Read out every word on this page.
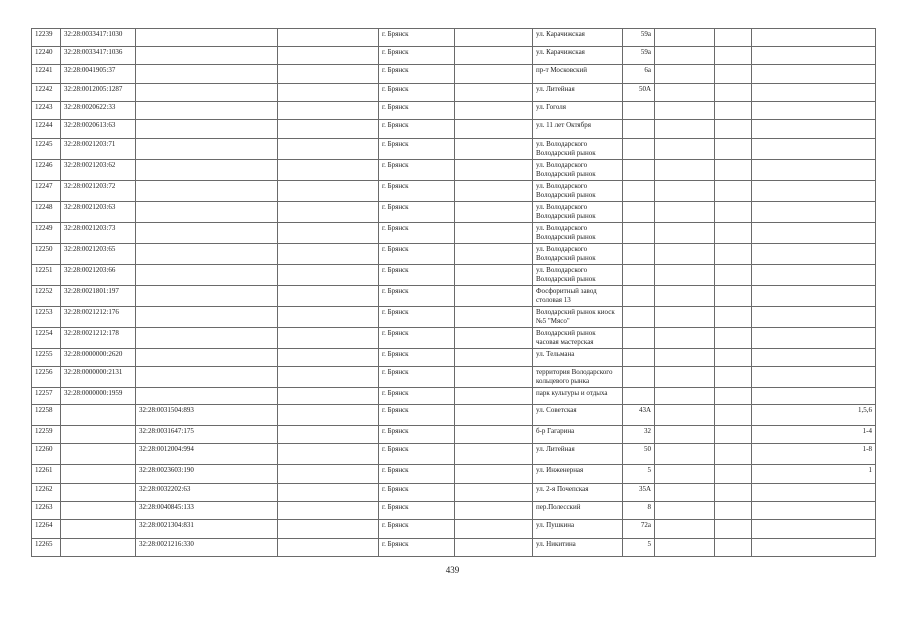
12239	32:28:0033417:1030			г. Брянск		ул. Карачижская	59а			
12240	32:28:0033417:1036			г. Брянск		ул. Карачижская	59а			
12241	32:28:0041905:37			г. Брянск		пр-т Московский	6а			
12242	32:28:0012005:1287			г. Брянск		ул. Литейная	50А			
12243	32:28:0020622:33			г. Брянск		ул. Гоголя				
12244	32:28:0020613:63			г. Брянск		ул. 11 лет Октября				
12245	32:28:0021203:71			г. Брянск		ул. Володарского Володарский рынок				
12246	32:28:0021203:62			г. Брянск		ул. Володарского Володарский рынок				
12247	32:28:0021203:72			г. Брянск		ул. Володарского Володарский рынок				
12248	32:28:0021203:63			г. Брянск		ул. Володарского Володарский рынок				
12249	32:28:0021203:73			г. Брянск		ул. Володарского Володарский рынок				
12250	32:28:0021203:65			г. Брянск		ул. Володарского Володарский рынок				
12251	32:28:0021203:66			г. Брянск		ул. Володарского Володарский рынок				
12252	32:28:0021801:197			г. Брянск		Фосфоритный завод столовая 13				
12253	32:28:0021212:176			г. Брянск		Володарский рынок киоск №5 "Мясо"				
12254	32:28:0021212:178			г. Брянск		Володарский рынок часовая мастерская				
12255	32:28:0000000:2620			г. Брянск		ул. Тельмана				
12256	32:28:0000000:2131			г. Брянск		территория Володарского кольцевого рынка				
12257	32:28:0000000:1959			г. Брянск		парк культуры и отдыха				
12258		32:28:0031504:893		г. Брянск		ул. Советская	43А			1,5,6
12259		32:28:0031647:175		г. Брянск		б-р Гагарина	32			1-4
12260		32:28:0012004:994		г. Брянск		ул. Литейная	50			1-8
12261		32:28:0023603:190		г. Брянск		ул. Инженерная	5			1
12262		32:28:0032202:63		г. Брянск		ул. 2-я Почепская	35А			
12263		32:28:0040845:133		г. Брянск		пер.Полесский	8			
12264		32:28:0021304:831		г. Брянск		ул. Пушкина	72а			
12265		32:28:0021216:330		г. Брянск		ул. Никитина	5			
439
